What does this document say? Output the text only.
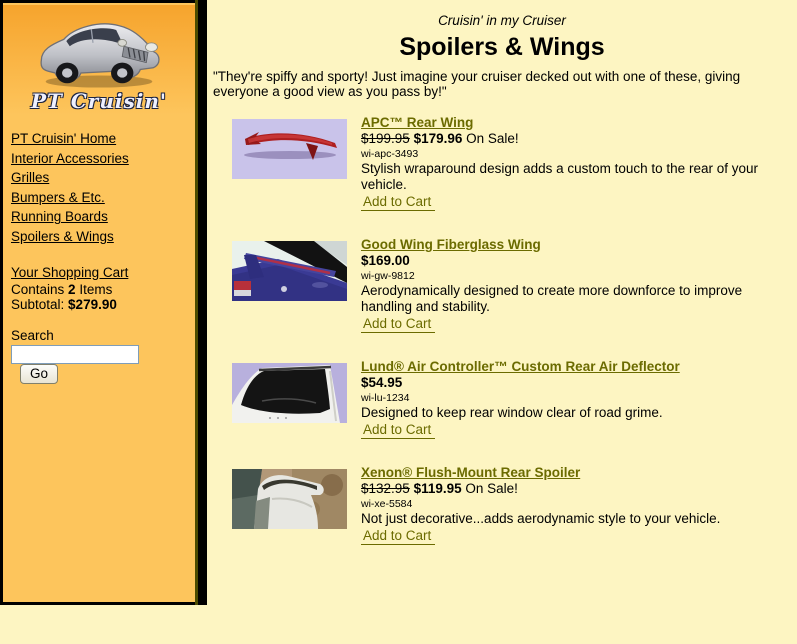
PT Cruisin'
PT Cruisin' Home
Interior Accessories
Grilles
Bumpers & Etc.
Running Boards
Spoilers & Wings
Your Shopping Cart
Contains 2 Items
Subtotal: $279.90
Search
Go
Cruisin' in my Cruiser
Spoilers & Wings
"They're spiffy and sporty! Just imagine your cruiser decked out with one of these, giving everyone a good view as you pass by!"
APC™ Rear Wing
$199.95 $179.96 On Sale!
wi-apc-3493
Stylish wraparound design adds a custom touch to the rear of your vehicle.
Add to Cart
Good Wing Fiberglass Wing
$169.00
wi-gw-9812
Aerodynamically designed to create more downforce to improve handling and stability.
Add to Cart
Lund® Air Controller™ Custom Rear Air Deflector
$54.95
wi-lu-1234
Designed to keep rear window clear of road grime.
Add to Cart
Xenon® Flush-Mount Rear Spoiler
$132.95 $119.95 On Sale!
wi-xe-5584
Not just decorative...adds aerodynamic style to your vehicle.
Add to Cart
